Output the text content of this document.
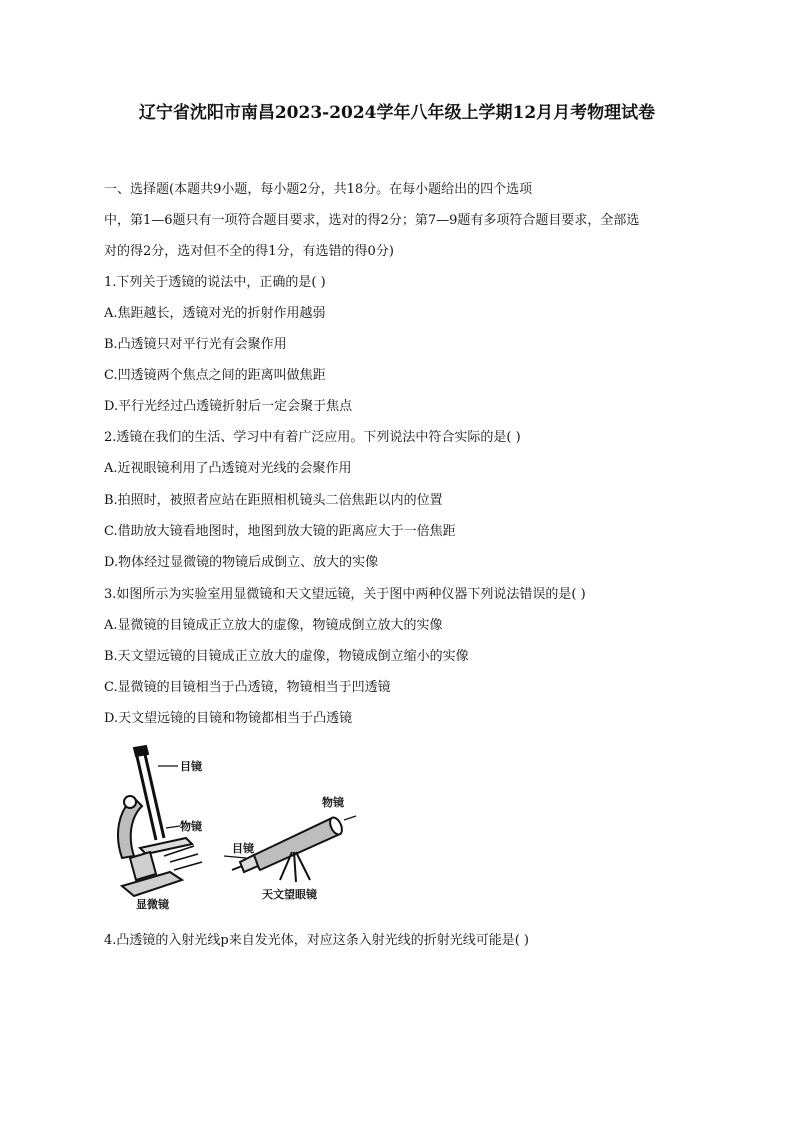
辽宁省沈阳市南昌2023-2024学年八年级上学期12月月考物理试卷
一、选择题(本题共9小题，每小题2分，共18分。在每小题给出的四个选项
中，第1—6题只有一项符合题目要求，选对的得2分；第7—9题有多项符合题目要求，全部选
对的得2分，选对但不全的得1分，有选错的得0分)
1.下列关于透镜的说法中，正确的是( )
A.焦距越长，透镜对光的折射作用越弱
B.凸透镜只对平行光有会聚作用
C.凹透镜两个焦点之间的距离叫做焦距
D.平行光经过凸透镜折射后一定会聚于焦点
2.透镜在我们的生活、学习中有着广泛应用。下列说法中符合实际的是( )
A.近视眼镜利用了凸透镜对光线的会聚作用
B.拍照时，被照者应站在距照相机镜头二倍焦距以内的位置
C.借助放大镜看地图时，地图到放大镜的距离应大于一倍焦距
D.物体经过显微镜的物镜后成倒立、放大的实像
3.如图所示为实验室用显微镜和天文望远镜，关于图中两种仪器下列说法错误的是( )
A.显微镜的目镜成正立放大的虚像，物镜成倒立放大的实像
B.天文望远镜的目镜成正立放大的虚像，物镜成倒立缩小的实像
C.显微镜的目镜相当于凸透镜，物镜相当于凹透镜
D.天文望远镜的目镜和物镜都相当于凸透镜
目镜
物镜
显微镜
物镜
目镜
天文望眼镜
4.凸透镜的入射光线p来自发光体，对应这条入射光线的折射光线可能是( )
